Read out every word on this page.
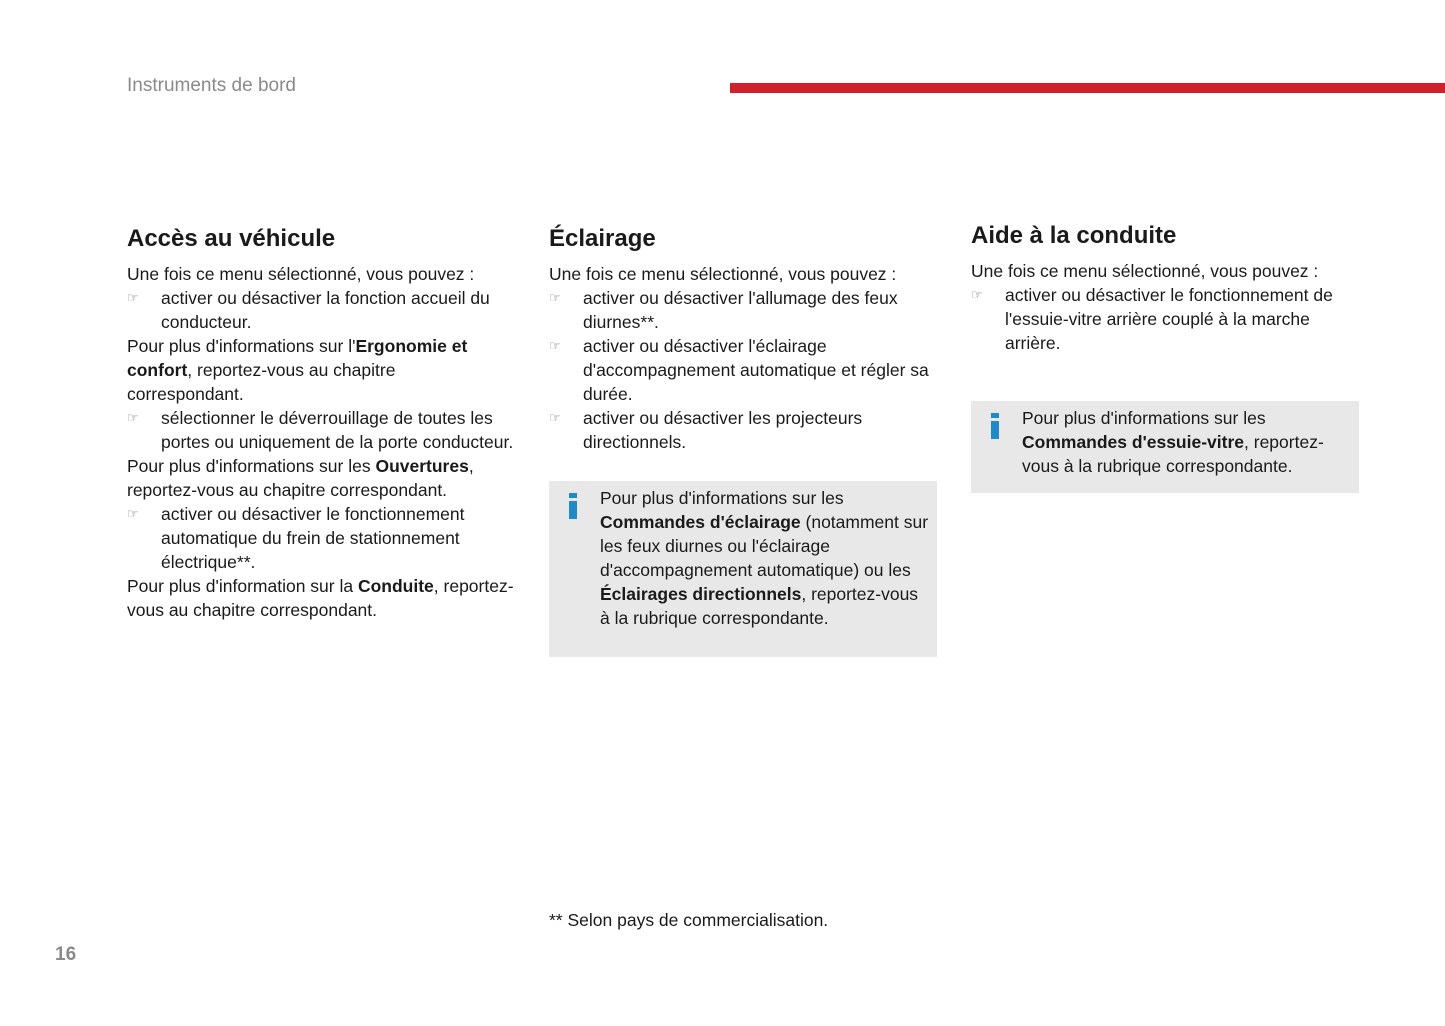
Instruments de bord
Accès au véhicule

Une fois ce menu sélectionné, vous pouvez :

☞ activer ou désactiver la fonction accueil du conducteur.

Pour plus d'informations sur l'Ergonomie et confort, reportez-vous au chapitre correspondant.

☞ sélectionner le déverrouillage de toutes les portes ou uniquement de la porte conducteur.

Pour plus d'informations sur les Ouvertures, reportez-vous au chapitre correspondant.

☞ activer ou désactiver le fonctionnement automatique du frein de stationnement électrique**.

Pour plus d'information sur la Conduite, reportez-vous au chapitre correspondant.

Éclairage

Une fois ce menu sélectionné, vous pouvez :

☞ activer ou désactiver l'allumage des feux diurnes**.
☞ activer ou désactiver l'éclairage d'accompagnement automatique et régler sa durée.
☞ activer ou désactiver les projecteurs directionnels.
Pour plus d'informations sur les Commandes d'éclairage (notamment sur les feux diurnes ou l'éclairage d'accompagnement automatique) ou les Éclairages directionnels, reportez-vous à la rubrique correspondante.
Aide à la conduite

Une fois ce menu sélectionné, vous pouvez :

☞ activer ou désactiver le fonctionnement de l'essuie-vitre arrière couplé à la marche arrière.
Pour plus d'informations sur les Commandes d'essuie-vitre, reportez-vous à la rubrique correspondante.
** Selon pays de commercialisation.
16
